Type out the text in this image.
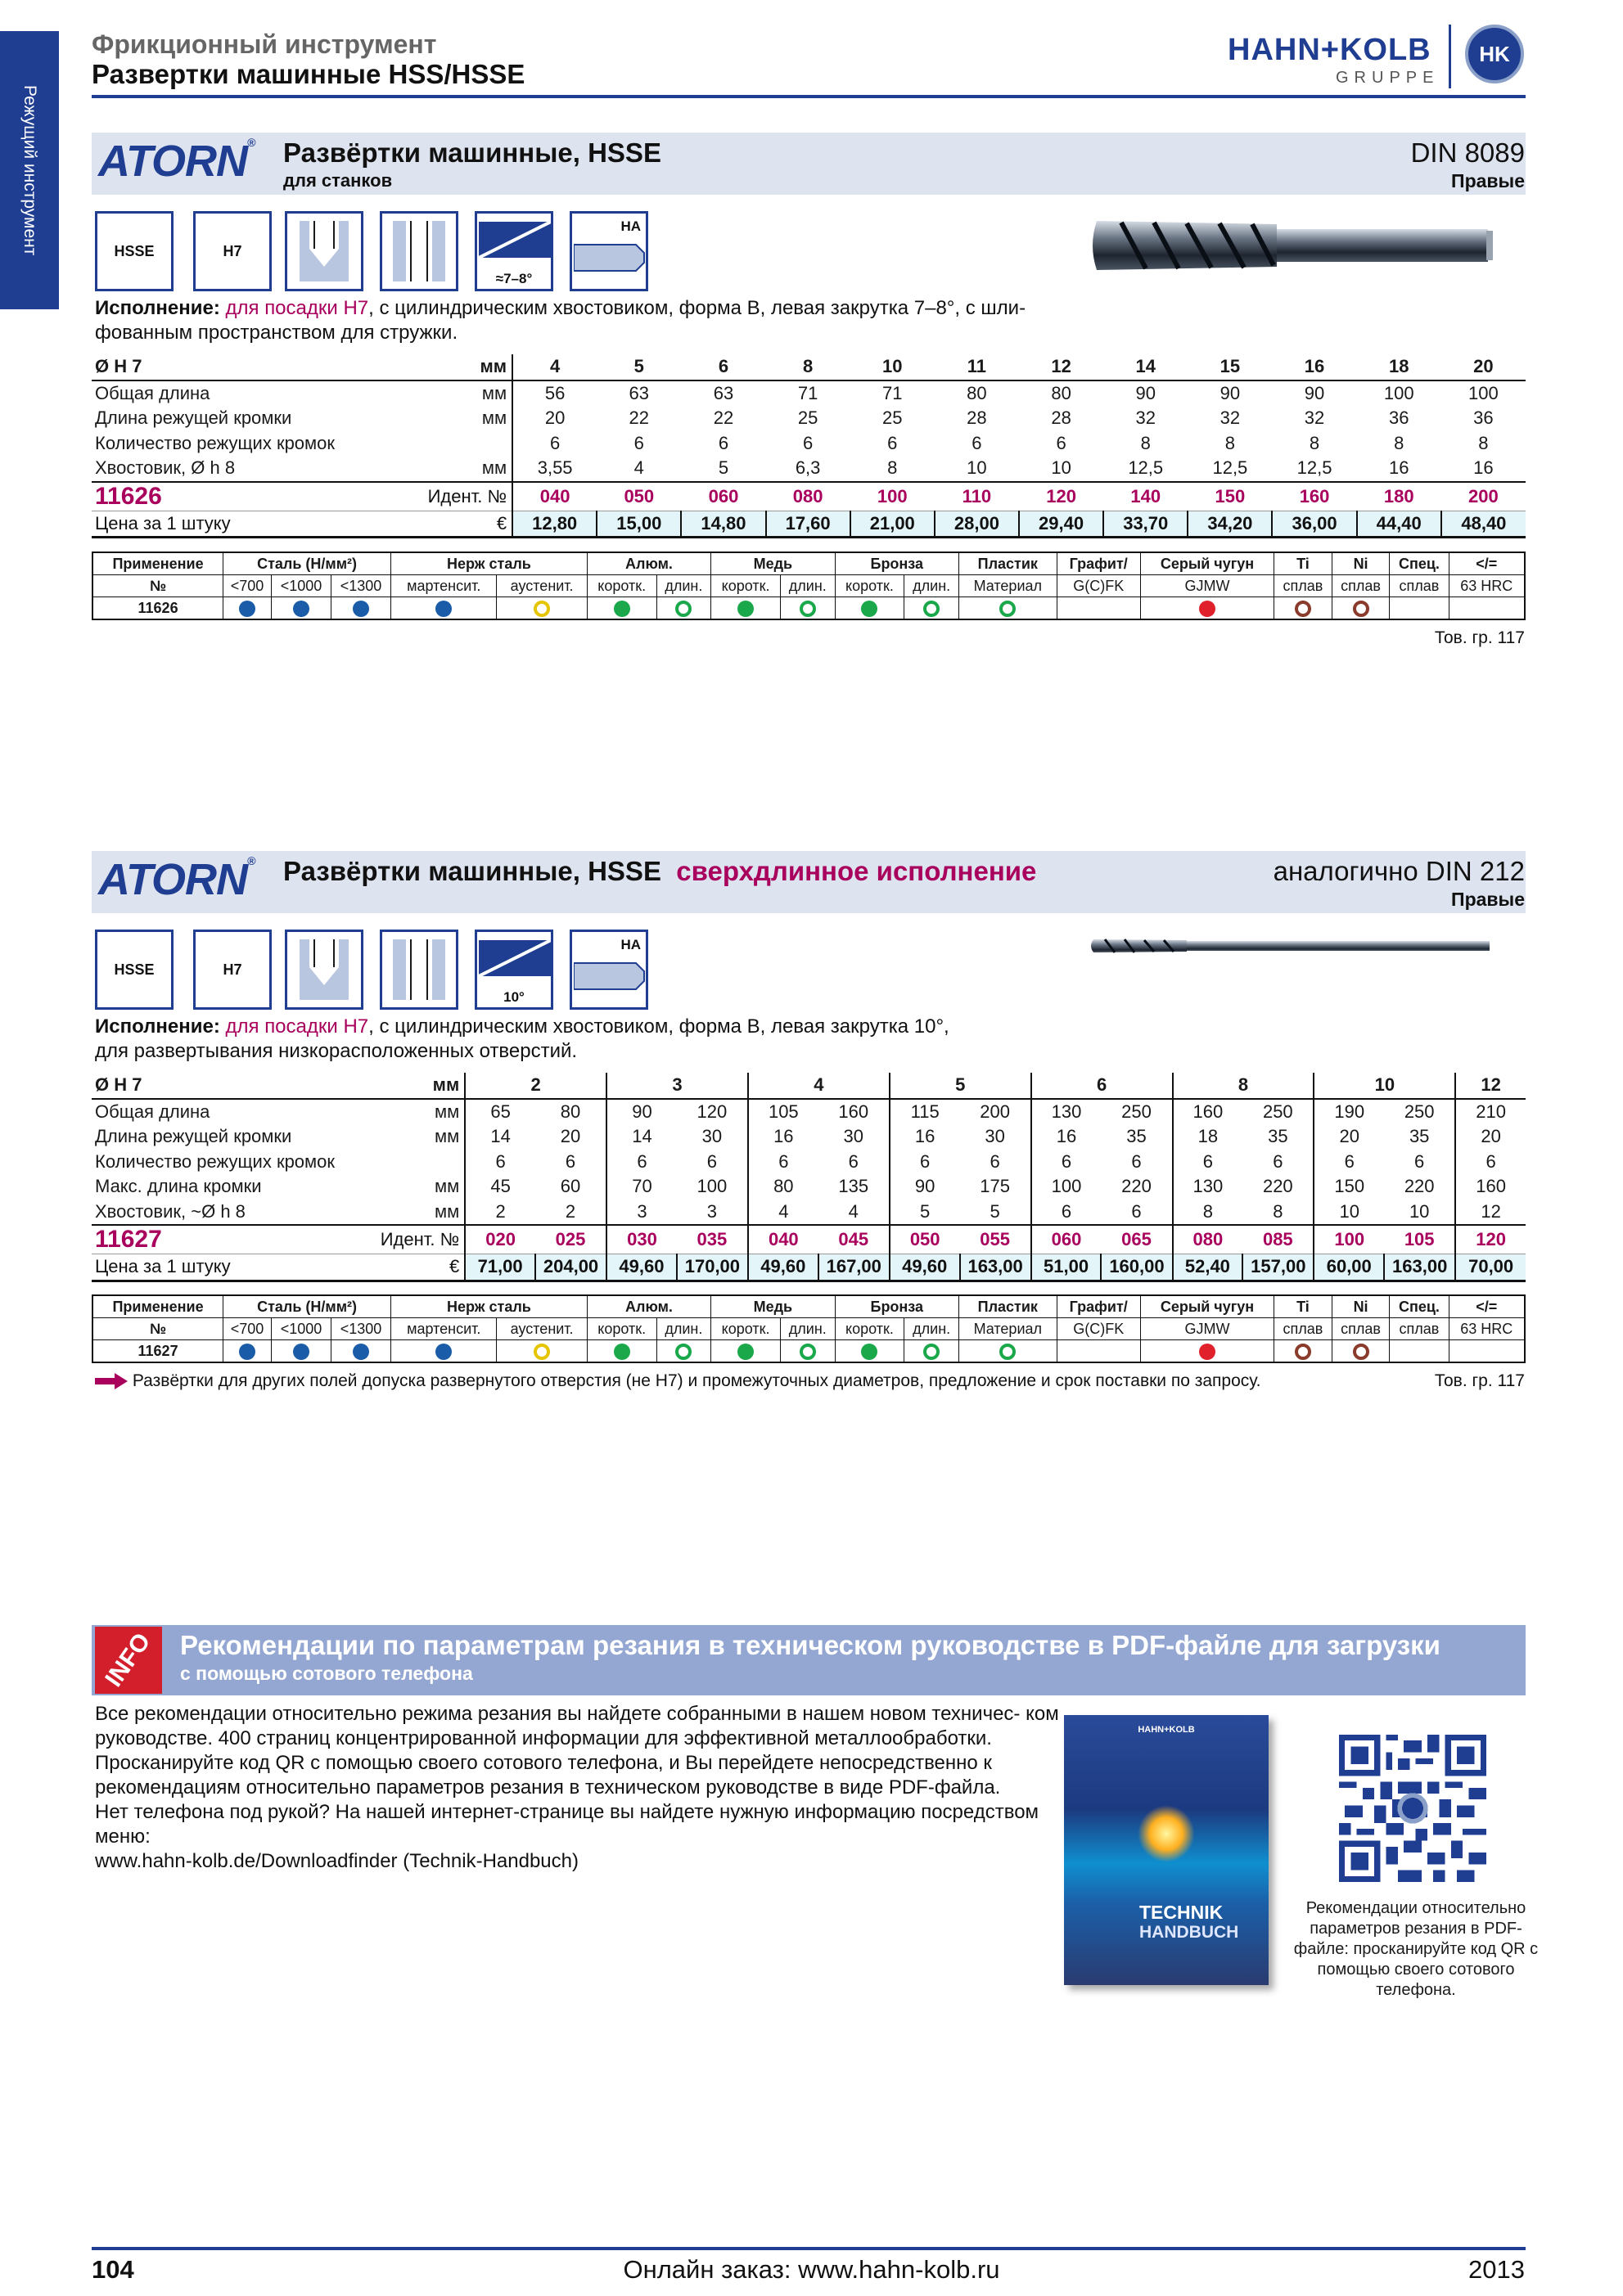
Режущий инструмент
Фрикционный инструмент
Развертки машинные HSS/HSSE
HAHN+KOLB
GRUPPE
HK
ATORN® Развёртки машинные, HSSE
для станков
DIN 8089
Правые
HSSE	H7
≈7–8°
HA
Исполнение: для посадки H7, с цилиндрическим хвостовиком, форма B, левая закрутка 7–8°, с шли-
фованным пространством для стружки.
Ø H 7	мм	4	5	6	8	10	11	12	14	15	16	18	20
Общая длина	мм	56	63	63	71	71	80	80	90	90	90	100	100
Длина режущей кромки	мм	20	22	22	25	25	28	28	32	32	32	36	36
Количество режущих кромок		6	6	6	6	6	6	6	8	8	8	8	8
Хвостовик, Ø h 8	мм	3,55	4	5	6,3	8	10	10	12,5	12,5	12,5	16	16
11626	Идент. №	040	050	060	080	100	110	120	140	150	160	180	200
Цена за 1 штуку	€	12,80	15,00	14,80	17,60	21,00	28,00	29,40	33,70	34,20	36,00	44,40	48,40
Применение	Сталь (Н/мм²)			Нерж сталь		Алюм.		Медь		Бронза		Пластик	Графит/	Серый чугун	Ti	Ni	Спец.	</=
№	<700	<1000	<1300	мартенсит.	аустенит.	коротк.	длин.	коротк.	длин.	коротк.	длин.	Материал	G(C)FK	GJMW	сплав	сплав	сплав	63 HRC
11626																		
Тов. гр. 117
ATORN® Развёртки машинные, HSSE сверхдлинное исполнение	аналогично DIN 212
Правые
HSSE	H7
10°
HA
Исполнение: для посадки H7, с цилиндрическим хвостовиком, форма B, левая закрутка 10°,
для развертывания низкорасположенных отверстий.
Ø H 7	мм	2		3		4		5		6		8		10		12
Общая длина	мм	65	80	90	120	105	160	115	200	130	250	160	250	190	250	210
Длина режущей кромки	мм	14	20	14	30	16	30	16	30	16	35	18	35	20	35	20
Количество режущих кромок		6	6	6	6	6	6	6	6	6	6	6	6	6	6	6
Макс. длина кромки	мм	45	60	70	100	80	135	90	175	100	220	130	220	150	220	160
Хвостовик, ~Ø h 8	мм	2	2	3	3	4	4	5	5	6	6	8	8	10	10	12
11627	Идент. №	020	025	030	035	040	045	050	055	060	065	080	085	100	105	120
Цена за 1 штуку	€	71,00	204,00	49,60	170,00	49,60	167,00	49,60	163,00	51,00	160,00	52,40	157,00	60,00	163,00	70,00
Применение	Сталь (Н/мм²)			Нерж сталь		Алюм.		Медь		Бронза		Пластик	Графит/	Серый чугун	Ti	Ni	Спец.	</=
№	<700	<1000	<1300	мартенсит.	аустенит.	коротк.	длин.	коротк.	длин.	коротк.	длин.	Материал	G(C)FK	GJMW	сплав	сплав	сплав	63 HRC
11627																		
Развёртки для других полей допуска развернутого отверстия (не H7) и промежуточных диаметров, предложение и срок поставки по запросу.	Тов. гр. 117
INFO Рекомендации по параметрам резания в техническом руководстве в PDF-файле для загрузки
с помощью сотового телефона
Все рекомендации относительно режима резания вы найдете собранными в нашем новом техничес- ком руководстве. 400 страниц концентрированной информации для эффективной металлообработки.
Просканируйте код QR с помощью своего сотового телефона, и Вы перейдете непосредственно к рекомендациям относительно параметров резания в техническом руководстве в виде PDF-файла.
Нет телефона под рукой? На нашей интернет-странице вы найдете нужную информацию посредством меню:
www.hahn-kolb.de/Downloadfinder (Technik-Handbuch)
HAHN+KOLB
TECHNIK
HANDBUCH
Рекомендации относительно параметров резания в PDF-файле: просканируйте код QR с помощью своего сотового телефона.
104	Онлайн заказ: www.hahn-kolb.ru	2013
